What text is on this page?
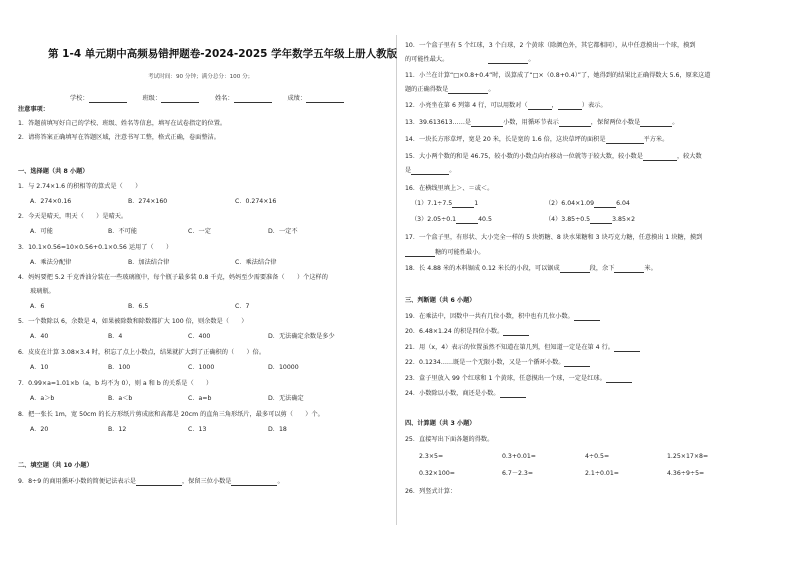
第 1-4 单元期中高频易错押题卷-2024-2025 学年数学五年级上册人教版
考试时间：90 分钟；满分总分：100 分；
学校：	班级：	姓名：	成绩：
注意事项：
1．答题前填写好自己的学校、班级、姓名等信息，填写在试卷指定的位置。
2．请将答案正确填写在答题区域，注意书写工整，格式正确，卷面整洁。
一、选择题（共 8 小题）
1．与 2.74×1.6 的积相等的算式是（　　）
A．274×0.16	B．274×160	C．0.274×16
2．今天是晴天，明天（　　）是晴天。
A．可能	B．不可能	C．一定	D．一定不
3．10.1×0.56=10×0.56+0.1×0.56 运用了（　　）
A．乘法分配律	B．加法结合律	C．乘法结合律
4．妈妈要把 5.2 千克香油分装在一些玻璃瓶中，每个瓶子最多装 0.8 千克，妈妈至少需要准备（　　）个这样的
玻璃瓶。
A．6	B．6.5	C．7
5．一个数除以 6，余数是 4，如果被除数和除数都扩大 100 倍，则余数是（　　）
A．40	B．4	C．400	D．无法确定余数是多少
6．皮皮在计算 3.08×3.4 时，积忘了点上小数点，结果就扩大到了正确积的（　　）倍。
A．10	B．100	C．1000	D．10000
7．0.99×a=1.01×b（a，b 均不为 0），则 a 和 b 的关系是（　　）
A．a＞b	B．a＜b	C．a=b	D．无法确定
8．把一张长 1m，宽 50cm 的长方形纸片剪成底和高都是 20cm 的直角三角形纸片，最多可以剪（　　）个。
A．20	B．12	C．13	D．18
二、填空题（共 10 小题）
9．8÷9 的商用循环小数的简便记法表示是	，保留三位小数是	。
10．一个盒子里有 5 个红球，3 个白球，2 个黄球（除颜色外，其它都相同），从中任意摸出一个球，摸到
的可能性最大。	。
11．小兰在计算“□×0.8+0.4”时，误算成了“□×（0.8+0.4）”了，她得到的结果比正确得数大 5.6，原来这道
题的正确得数是	。
12．小亮坐在第 6 列第 4 行，可以用数对（	，	）表示。
13．39.613613……是	小数，用循环节表示	，保留两位小数是	。
14．一块长方形草坪，宽是 20 米，长是宽的 1.6 倍，这块草坪的面积是	平方米。
15．大小两个数的和是 46.75，较小数的小数点向右移动一位就等于较大数，较小数是	，较大数
是	。
16．在横线里填上＞、＝或＜。
（1）7.1÷7.5	1	（2）6.04×1.09	6.04
（3）2.05÷0.1	40.5	（4）3.85÷0.5	3.85×2
17．一个盒子里，有形状、大小完全一样的 5 块奶糖、8 块水果糖和 3 块巧克力糖，任意摸出 1 块糖，摸到
糖的可能性最小。
18．长 4.88 米的木料锯成 0.12 米长的小段，可以锯成	段，余下	米。
三、判断题（共 6 小题）
19．在乘法中，因数中一共有几位小数，积中也有几位小数。
20．6.48×1.24 的积是四位小数。
21．用（x，4）表示的位置虽然不知道在第几列，但知道一定是在第 4 行。
22．0.1234……既是一个无限小数，又是一个循环小数。
23．盒子里放入 99 个红球和 1 个黄球，任意摸出一个球，一定是红球。
24．小数除以小数，商还是小数。
四、计算题（共 3 小题）
25．直接写出下面各题的得数。
2.3×5=	0.3+0.01=	4÷0.5=	1.25×17×8=
0.32×100=	6.7－2.3=	2.1÷0.01=	4.36÷9÷5=
26．列竖式计算：
